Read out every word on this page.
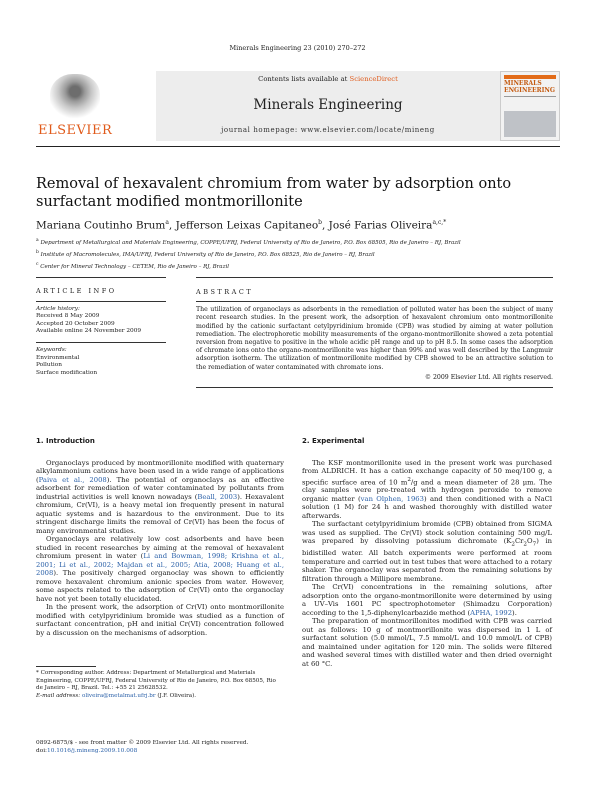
Minerals Engineering 23 (2010) 270–272
ELSEVIER
Contents lists available at ScienceDirect
Minerals Engineering
journal homepage: www.elsevier.com/locate/mineng
MINERALS ENGINEERING
Removal of hexavalent chromium from water by adsorption onto surfactant modified montmorillonite
Mariana Coutinho Brum$^a$, Jefferson Leixas Capitaneo$^b$, José Farias Oliveira$^{a,c,*}$
$^a$ Department of Metallurgical and Materials Engineering, COPPE/UFRJ, Federal University of Rio de Janeiro, P.O. Box 68505, Rio de Janeiro – RJ, Brazil
$^b$ Institute of Macromolecules, IMA/UFRJ, Federal University of Rio de Janeiro, P.O. Box 68525, Rio de Janeiro – RJ, Brazil
$^c$ Center for Mineral Technology – CETEM, Rio de Janeiro – RJ, Brazil
ARTICLE INFO
Article history:
Received 8 May 2009
Accepted 20 October 2009
Available online 24 November 2009
Keywords:
Environmental
Pollution
Surface modification
ABSTRACT
The utilization of organoclays as adsorbents in the remediation of polluted water has been the subject of many recent research studies. In the present work, the adsorption of hexavalent chromium onto montmorillonite modified by the cationic surfactant cetylpyridinium bromide (CPB) was studied by aiming at water pollution remediation. The electrophoretic mobility measurements of the organo-montmorillonite showed a zeta potential reversion from negative to positive in the whole acidic pH range and up to pH 8.5. In some cases the adsorption of chromate ions onto the organo-montmorillonite was higher than 99% and was well described by the Langmuir adsorption isotherm. The utilization of montmorillonite modified by CPB showed to be an attractive solution to the remediation of water contaminated with chromate ions.
© 2009 Elsevier Ltd. All rights reserved.
1. Introduction

Organoclays produced by montmorillonite modified with quaternary alkylammonium cations have been used in a wide range of applications (Paiva et al., 2008). The potential of organoclays as an effective adsorbent for remediation of water contaminated by pollutants from industrial activities is well known nowadays (Beall, 2003). Hexavalent chromium, Cr(VI), is a heavy metal ion frequently present in natural aquatic systems and is hazardous to the environment. Due to its stringent discharge limits the removal of Cr(VI) has been the focus of many environmental studies.

Organoclays are relatively low cost adsorbents and have been studied in recent researches by aiming at the removal of hexavalent chromium present in water (Li and Bowman, 1998; Krishna et al., 2001; Li et al., 2002; Majdan et al., 2005; Atia, 2008; Huang et al., 2008). The positively charged organoclay was shown to efficiently remove hexavalent chromium anionic species from water. However, some aspects related to the adsorption of Cr(VI) onto the organoclay have not yet been totally elucidated.

In the present work, the adsorption of Cr(VI) onto montmorillonite modified with cetylpyridinium bromide was studied as a function of surfactant concentration, pH and initial Cr(VI) concentration followed by a discussion on the mechanisms of adsorption.

* Corresponding author. Address: Department of Metallurgical and Materials Engineering, COPPE/UFRJ, Federal University of Rio de Janeiro, P.O. Box 68505, Rio de Janeiro – RJ, Brazil. Tel.: +55 21 25628532.
E-mail address: oliveira@metalmat.ufrj.br (J.F. Oliveira).
0892-6875/$ - see front matter © 2009 Elsevier Ltd. All rights reserved.
doi:10.1016/j.mineng.2009.10.008
2. Experimental

The KSF montmorillonite used in the present work was purchased from ALDRICH. It has a cation exchange capacity of 50 meq/100 g, a specific surface area of 10 $m^2/g$ and a mean diameter of 28 μm. The clay samples were pre-treated with hydrogen peroxide to remove organic matter (van Olphen, 1963) and then conditioned with a NaCl solution (1 M) for 24 h and washed thoroughly with distilled water afterwards.

The surfactant cetylpyridinium bromide (CPB) obtained from SIGMA was used as supplied. The Cr(VI) stock solution containing 500 mg/L was prepared by dissolving potassium dichromate $(K_2Cr_2O_7)$ in bidistilled water. All batch experiments were performed at room temperature and carried out in test tubes that were attached to a rotary shaker. The organoclay was separated from the remaining solutions by filtration through a Millipore membrane.

The Cr(VI) concentrations in the remaining solutions, after adsorption onto the organo-montmorillonite were determined by using a UV–Vis 1601 PC spectrophotometer (Shimadzu Corporation) according to the 1,5-diphenylcarbazide method (APHA, 1992).

The preparation of montmorillonites modified with CPB was carried out as follows: 10 g of montmorillonite was dispersed in 1 L of surfactant solution (5.0 mmol/L, 7.5 mmol/L and 10.0 mmol/L of CPB) and maintained under agitation for 120 min. The solids were filtered and washed several times with distilled water and then dried overnight at 60 °C.
